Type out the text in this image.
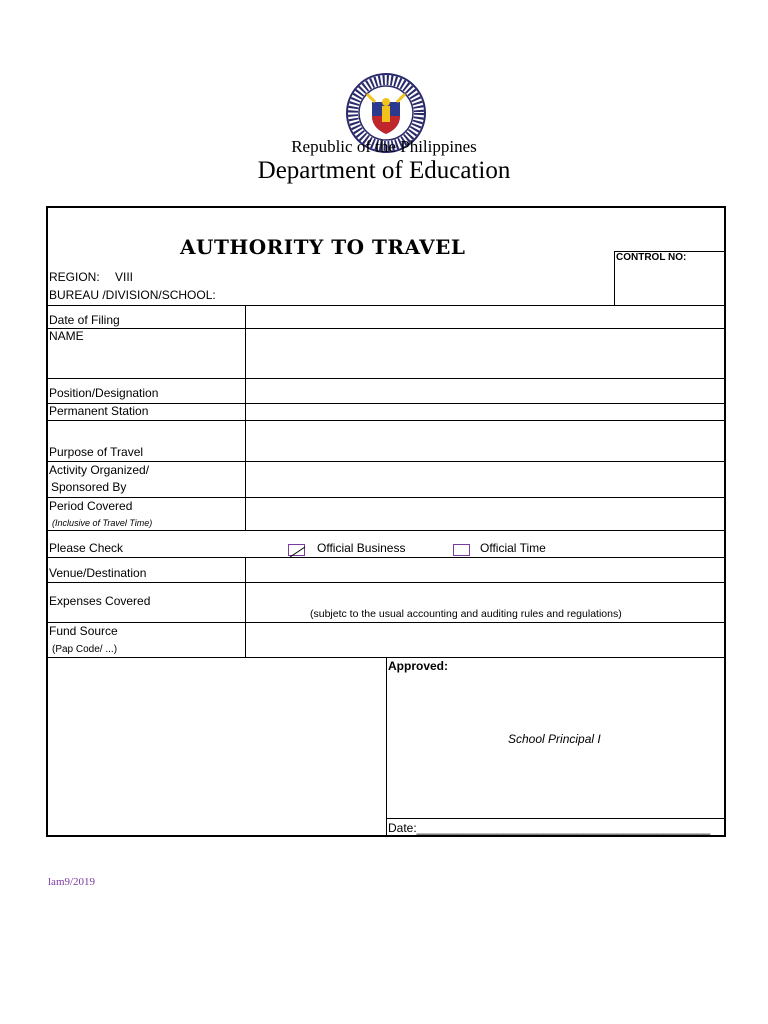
Republic of the Philippines
Department of Education
AUTHORITY TO TRAVEL	CONTROL NO:
REGION: VIII
BUREAU /DIVISION/SCHOOL:
Date of Filing
NAME
Position/Designation
Permanent Station
Purpose of Travel
Activity Organized/
Sponsored By
Period Covered
(Inclusive of Travel Time)
Please Check
Venue/Destination
Expenses Covered
Fund Source
(Pap Code/ ...)
Official Business	Official Time
(subjetc to the usual accounting and auditing rules and regulations)
Approved:
School Principal I
Date:____________________________________________
lam9/2019
